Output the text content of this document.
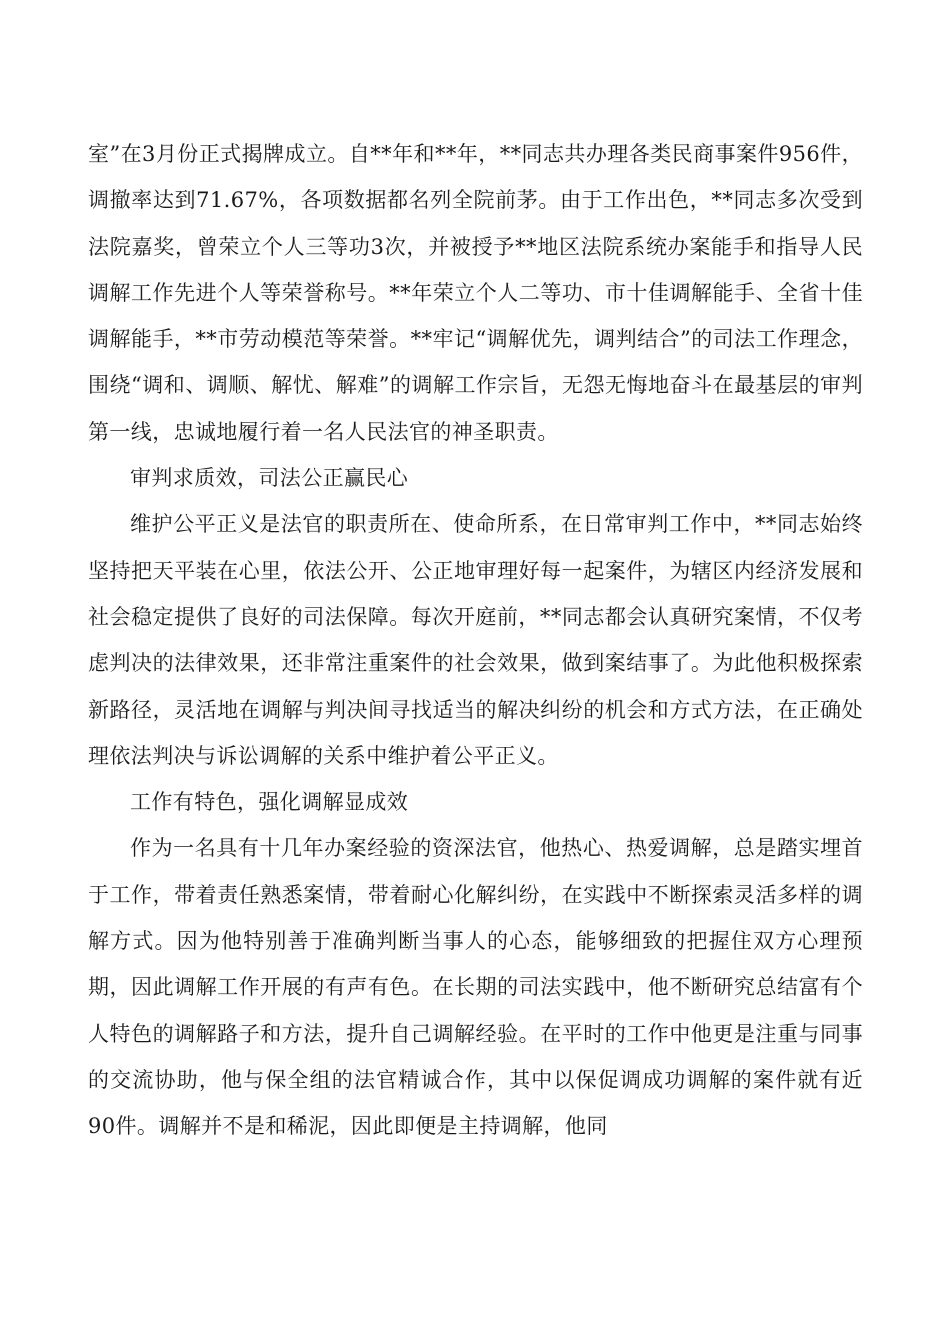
室”在3月份正式揭牌成立。自**年和**年，**同志共办理各类民商事案件956件，调撤率达到71.67%，各项数据都名列全院前茅。由于工作出色，**同志多次受到法院嘉奖，曾荣立个人三等功3次，并被授予**地区法院系统办案能手和指导人民调解工作先进个人等荣誉称号。**年荣立个人二等功、市十佳调解能手、全省十佳调解能手，**市劳动模范等荣誉。**牢记“调解优先，调判结合”的司法工作理念，围绕“调和、调顺、解忧、解难”的调解工作宗旨，无怨无悔地奋斗在最基层的审判第一线，忠诚地履行着一名人民法官的神圣职责。

审判求质效，司法公正赢民心

维护公平正义是法官的职责所在、使命所系，在日常审判工作中，**同志始终坚持把天平装在心里，依法公开、公正地审理好每一起案件，为辖区内经济发展和社会稳定提供了良好的司法保障。每次开庭前，**同志都会认真研究案情，不仅考虑判决的法律效果，还非常注重案件的社会效果，做到案结事了。为此他积极探索新路径，灵活地在调解与判决间寻找适当的解决纠纷的机会和方式方法，在正确处理依法判决与诉讼调解的关系中维护着公平正义。

工作有特色，强化调解显成效

作为一名具有十几年办案经验的资深法官，他热心、热爱调解，总是踏实埋首于工作，带着责任熟悉案情，带着耐心化解纠纷，在实践中不断探索灵活多样的调解方式。因为他特别善于准确判断当事人的心态，能够细致的把握住双方心理预期，因此调解工作开展的有声有色。在长期的司法实践中，他不断研究总结富有个人特色的调解路子和方法，提升自己调解经验。在平时的工作中他更是注重与同事的交流协助，他与保全组的法官精诚合作，其中以保促调成功调解的案件就有近90件。调解并不是和稀泥，因此即便是主持调解，他同
